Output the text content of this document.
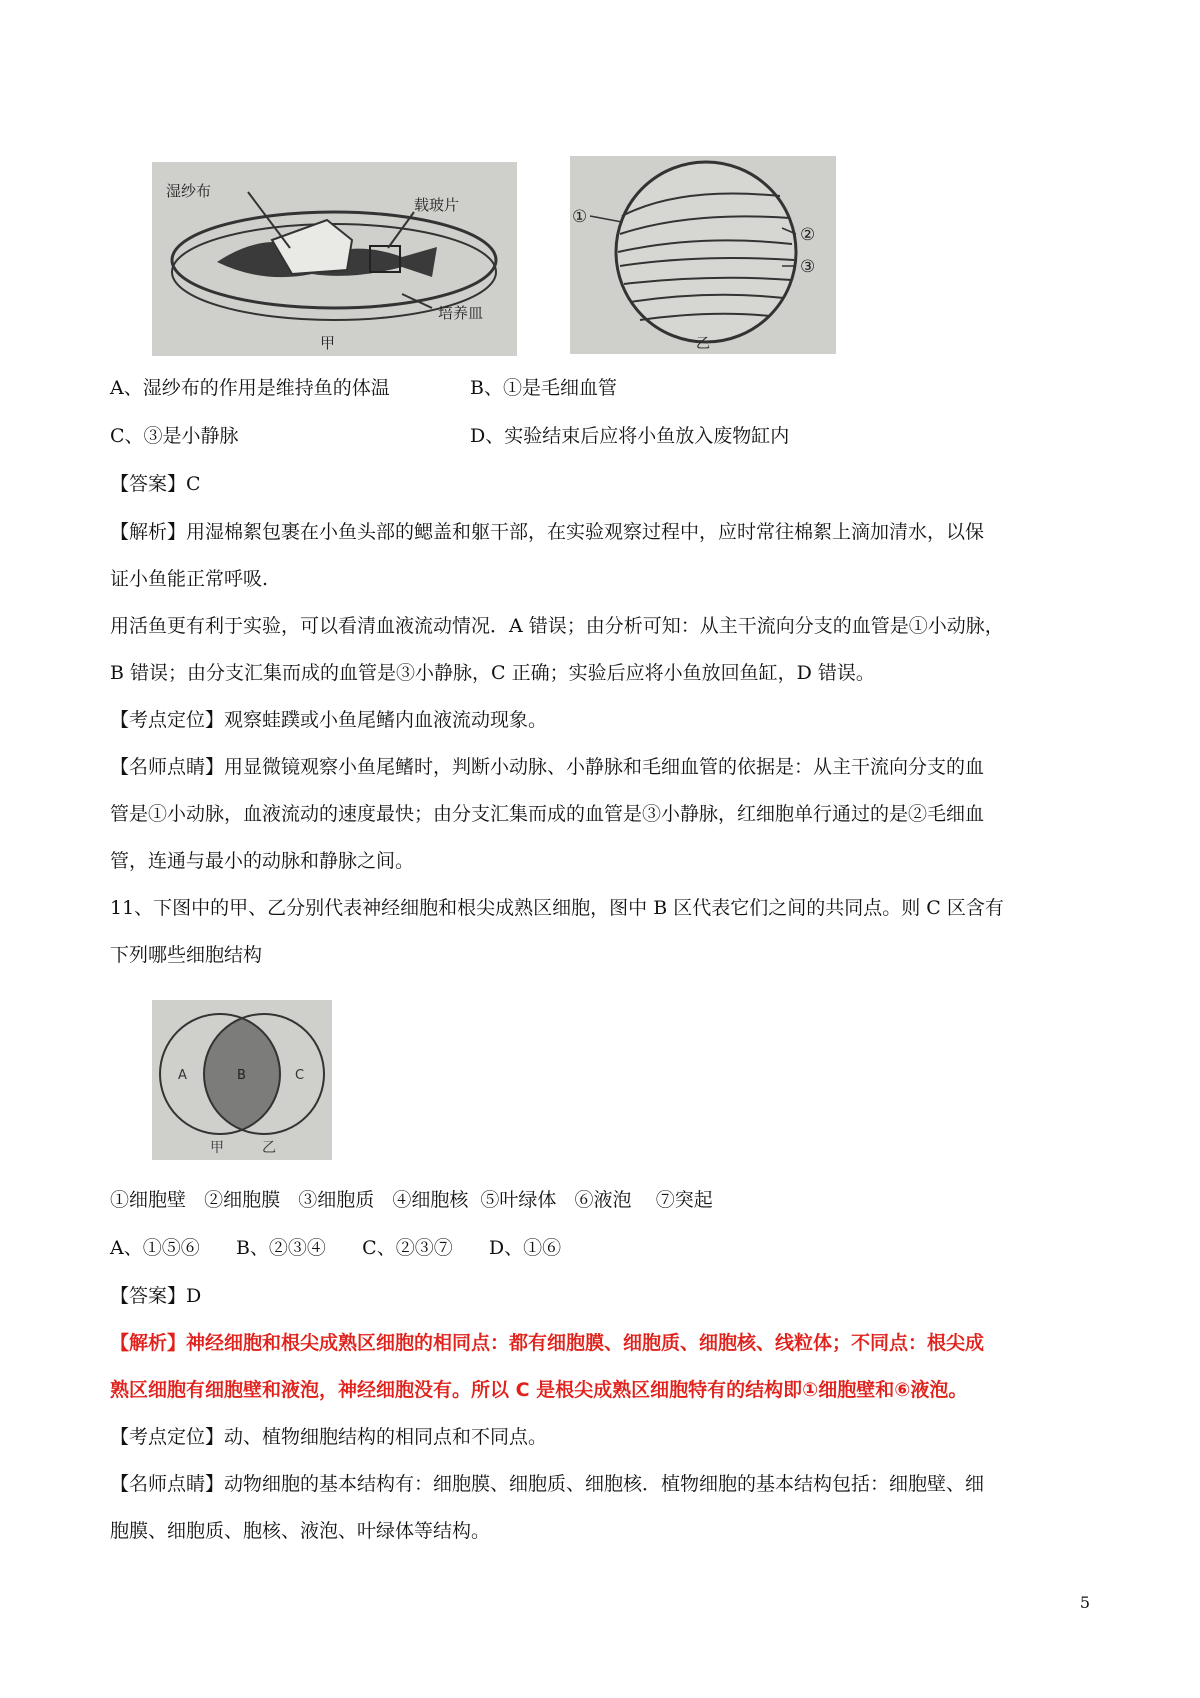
湿纱布
载玻片
培养皿
甲
①
②
③
乙
A、湿纱布的作用是维持鱼的体温	B、①是毛细血管
C、③是小静脉	D、实验结束后应将小鱼放入废物缸内
【答案】C
【解析】用湿棉絮包裹在小鱼头部的鳃盖和躯干部，在实验观察过程中，应时常往棉絮上滴加清水，以保
证小鱼能正常呼吸.
用活鱼更有利于实验，可以看清血液流动情况．A 错误；由分析可知：从主干流向分支的血管是①小动脉，
B 错误；由分支汇集而成的血管是③小静脉，C 正确；实验后应将小鱼放回鱼缸，D 错误。
【考点定位】观察蛙蹼或小鱼尾鳍内血液流动现象。
【名师点睛】用显微镜观察小鱼尾鳍时，判断小动脉、小静脉和毛细血管的依据是：从主干流向分支的血
管是①小动脉，血液流动的速度最快；由分支汇集而成的血管是③小静脉，红细胞单行通过的是②毛细血
管，连通与最小的动脉和静脉之间。
11、下图中的甲、乙分别代表神经细胞和根尖成熟区细胞，图中 B 区代表它们之间的共同点。则 C 区含有
下列哪些细胞结构
A	B	C
甲	乙
①细胞壁   ②细胞膜   ③细胞质   ④细胞核  ⑤叶绿体   ⑥液泡    ⑦突起
A、①⑤⑥      B、②③④      C、②③⑦      D、①⑥
【答案】D
【解析】神经细胞和根尖成熟区细胞的相同点：都有细胞膜、细胞质、细胞核、线粒体；不同点：根尖成
熟区细胞有细胞壁和液泡，神经细胞没有。所以 C 是根尖成熟区细胞特有的结构即①细胞壁和⑥液泡。
【考点定位】动、植物细胞结构的相同点和不同点。
【名师点睛】动物细胞的基本结构有：细胞膜、细胞质、细胞核．植物细胞的基本结构包括：细胞壁、细
胞膜、细胞质、胞核、液泡、叶绿体等结构。
5
